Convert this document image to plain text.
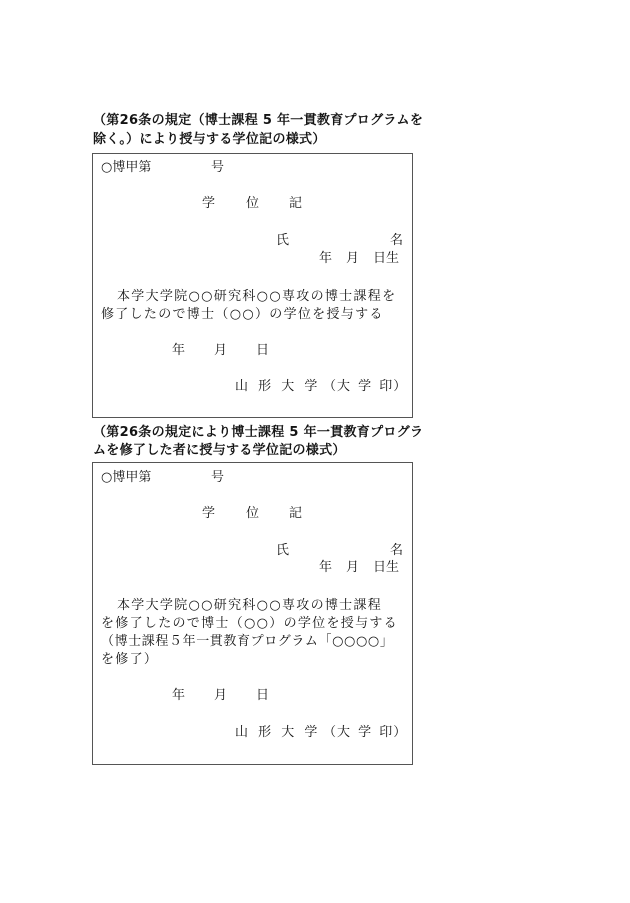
（第26条の規定（博士課程 5 年一貫教育プログラムを
除く。）により授与する学位記の様式）
○博甲第	号
学 位 記
氏	名
年 月 日生
本学大学院○○研究科○○専攻の博士課程を
修了したので博士（○○）の学位を授与する
年 月 日
山 形 大 学 （大 学 印）
（第26条の規定により博士課程 5 年一貫教育プログラ
ムを修了した者に授与する学位記の様式）
○博甲第	号
学 位 記
氏	名
年 月 日生
本学大学院○○研究科○○専攻の博士課程
を修了したので博士（○○）の学位を授与する
（博士課程５年一貫教育プログラム「○○○○」
を修了）
年 月 日
山 形 大 学 （大 学 印）
